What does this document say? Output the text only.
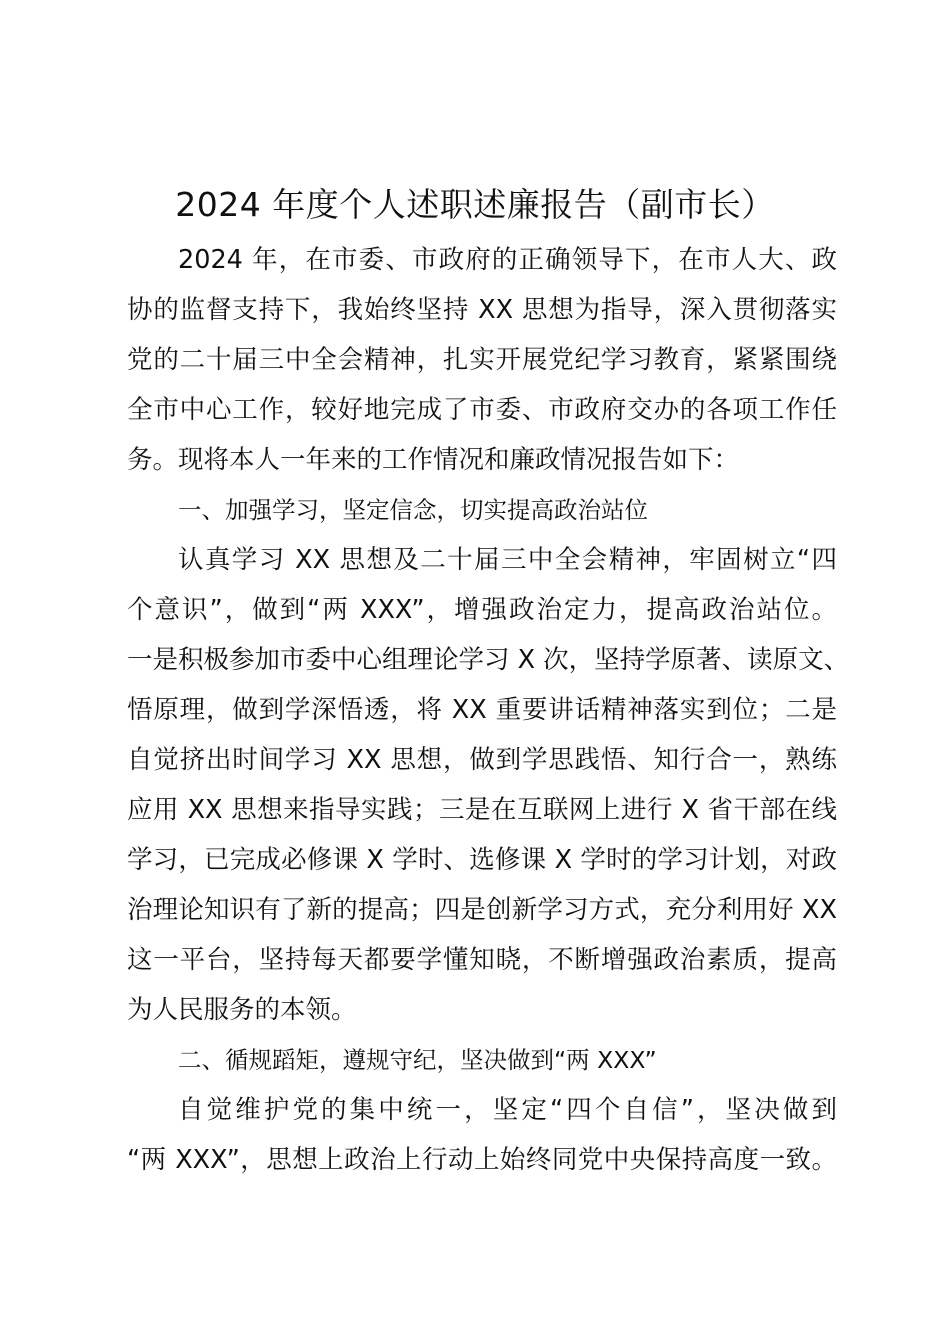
2024 年度个人述职述廉报告（副市长）
2024 年，在市委、市政府的正确领导下，在市人大、政
协的监督支持下，我始终坚持 XX 思想为指导，深入贯彻落实
党的二十届三中全会精神，扎实开展党纪学习教育，紧紧围绕
全市中心工作，较好地完成了市委、市政府交办的各项工作任
务。现将本人一年来的工作情况和廉政情况报告如下：
一、加强学习，坚定信念，切实提高政治站位
认真学习 XX 思想及二十届三中全会精神，牢固树立“四
个意识”，做到“两 XXX”，增强政治定力，提高政治站位。
一是积极参加市委中心组理论学习 X 次，坚持学原著、读原文、
悟原理，做到学深悟透，将 XX 重要讲话精神落实到位；二是
自觉挤出时间学习 XX 思想，做到学思践悟、知行合一，熟练
应用 XX 思想来指导实践；三是在互联网上进行 X 省干部在线
学习，已完成必修课 X 学时、选修课 X 学时的学习计划，对政
治理论知识有了新的提高；四是创新学习方式，充分利用好 XX
这一平台，坚持每天都要学懂知晓，不断增强政治素质，提高
为人民服务的本领。
二、循规蹈矩，遵规守纪，坚决做到“两 XXX”
自觉维护党的集中统一，坚定“四个自信”，坚决做到
“两 XXX”，思想上政治上行动上始终同党中央保持高度一致。
